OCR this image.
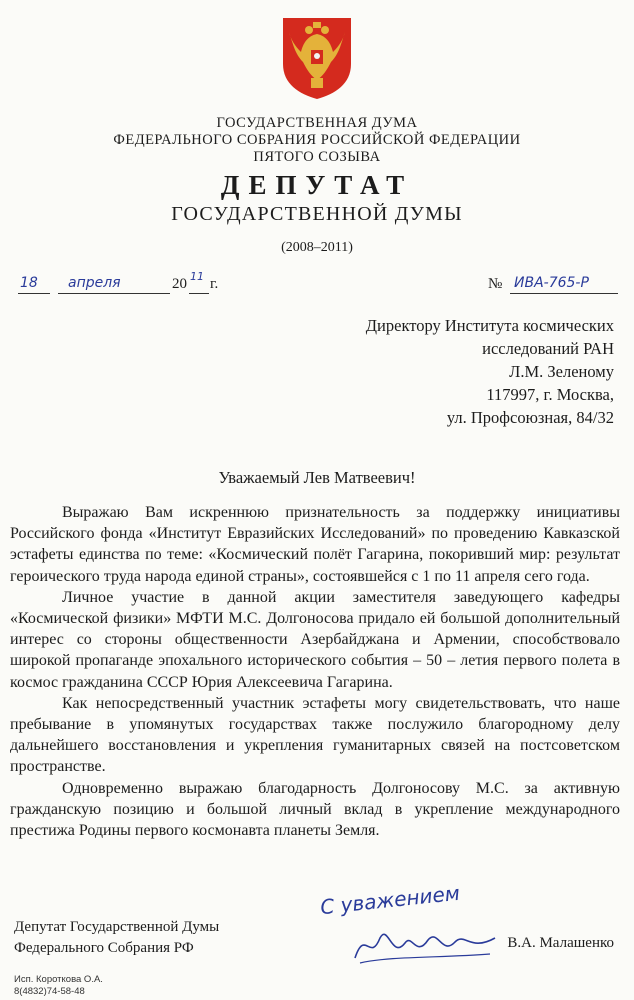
ГОСУДАРСТВЕННАЯ ДУМА
ФЕДЕРАЛЬНОГО СОБРАНИЯ РОССИЙСКОЙ ФЕДЕРАЦИИ
ПЯТОГО СОЗЫВА
ДЕПУТАТ
ГОСУДАРСТВЕННОЙ ДУМЫ
(2008–2011)
18 апреля	20 11 г.	№ ИВА-765-Р
Директору Института космических
исследований РАН
Л.М. Зеленому
117997, г. Москва,
ул. Профсоюзная, 84/32
Уважаемый Лев Матвеевич!

Выражаю Вам искреннюю признательность за поддержку инициативы Российского фонда «Институт Евразийских Исследований» по проведению Кавказской эстафеты единства по теме: «Космический полёт Гагарина, покоривший мир: результат героического труда народа единой страны», состоявшейся с 1 по 11 апреля сего года.

Личное участие в данной акции заместителя заведующего кафедры «Космической физики» МФТИ М.С. Долгоносова придало ей большой дополнительный интерес со стороны общественности Азербайджана и Армении, способствовало широкой пропаганде эпохального исторического события – 50 – летия первого полета в космос гражданина СССР Юрия Алексеевича Гагарина.

Как непосредственный участник эстафеты могу свидетельствовать, что наше пребывание в упомянутых государствах также послужило благородному делу дальнейшего восстановления и укрепления гуманитарных связей на постсоветском пространстве.

Одновременно выражаю благодарность Долгоносову М.С. за активную гражданскую позицию и большой личный вклад в укрепление международного престижа Родины первого космонавта планеты Земля.

Депутат Государственной Думы
Федерального Собрания РФ
С уважением
В.А. Малашенко
Исп. Короткова О.А.
8(4832)74-58-48
